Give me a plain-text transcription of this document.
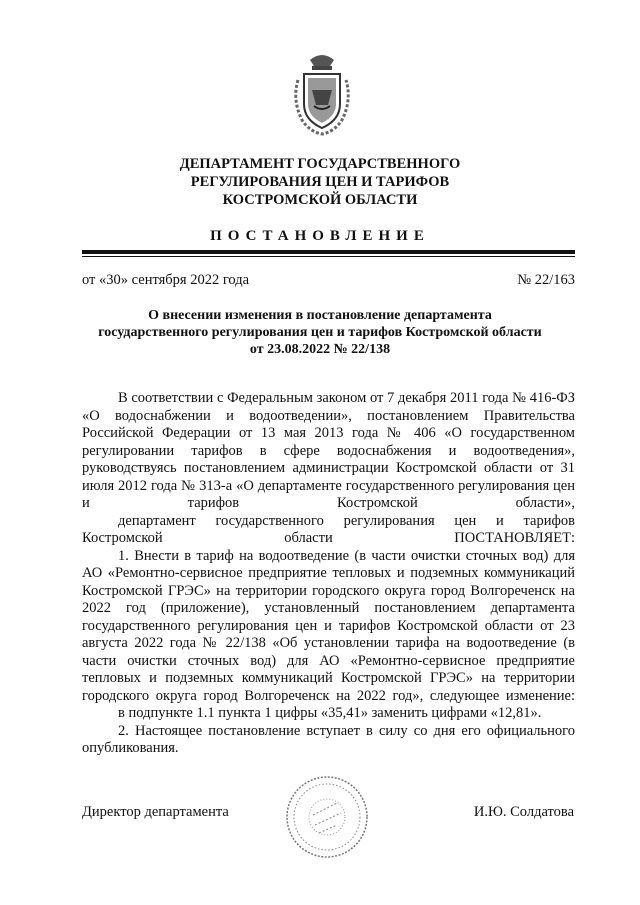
ДЕПАРТАМЕНТ ГОСУДАРСТВЕННОГО
РЕГУЛИРОВАНИЯ ЦЕН И ТАРИФОВ
КОСТРОМСКОЙ ОБЛАСТИ
ПОСТАНОВЛЕНИЕ
от «30» сентября 2022 года	№ 22/163
О внесении изменения в постановление департамента
государственного регулирования цен и тарифов Костромской области
от 23.08.2022 № 22/138

В соответствии с Федеральным законом от 7 декабря 2011 года № 416-ФЗ «О водоснабжении и водоотведении», постановлением Правительства Российской Федерации от 13 мая 2013 года № 406 «О государственном регулировании тарифов в сфере водоснабжения и водоотведения», руководствуясь постановлением администрации Костромской области от 31 июля 2012 года № 313-а «О департаменте государственного регулирования цен и тарифов Костромской области»,

департамент государственного регулирования цен и тарифов Костромской области ПОСТАНОВЛЯЕТ:

1. Внести в тариф на водоотведение (в части очистки сточных вод) для АО «Ремонтно-сервисное предприятие тепловых и подземных коммуникаций Костромской ГРЭС» на территории городского округа город Волгореченск на 2022 год (приложение), установленный постановлением департамента государственного регулирования цен и тарифов Костромской области от 23 августа 2022 года № 22/138 «Об установлении тарифа на водоотведение (в части очистки сточных вод) для АО «Ремонтно-сервисное предприятие тепловых и подземных коммуникаций Костромской ГРЭС» на территории городского округа город Волгореченск на 2022 год», следующее изменение:

в подпункте 1.1 пункта 1 цифры «35,41» заменить цифрами «12,81».

2. Настоящее постановление вступает в силу со дня его официального опубликования.

Директор департамента	И.Ю. Солдатова
